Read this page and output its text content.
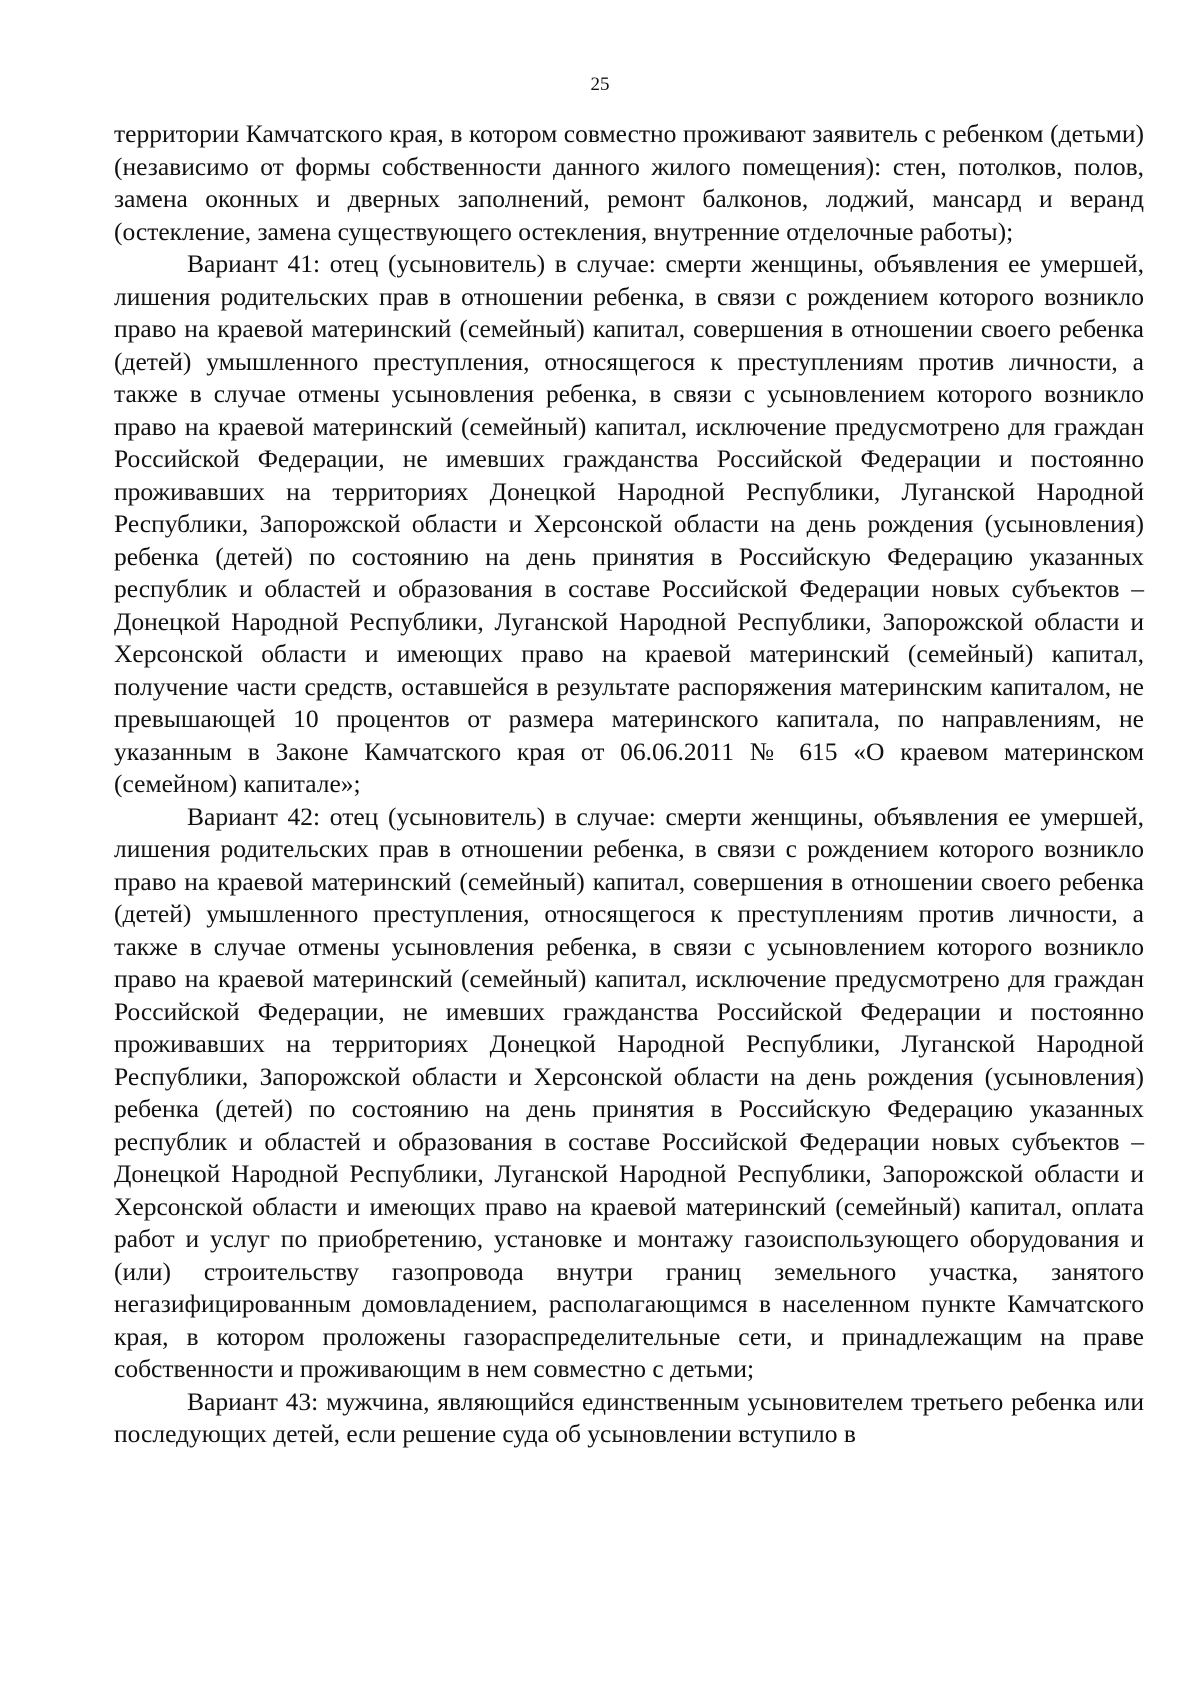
25

территории Камчатского края, в котором совместно проживают заявитель с ребенком (детьми) (независимо от формы собственности данного жилого помещения): стен, потолков, полов, замена оконных и дверных заполнений, ремонт балконов, лоджий, мансард и веранд (остекление, замена существующего остекления, внутренние отделочные работы);

Вариант 41: отец (усыновитель) в случае: смерти женщины, объявления ее умершей, лишения родительских прав в отношении ребенка, в связи с рождением которого возникло право на краевой материнский (семейный) капитал, совершения в отношении своего ребенка (детей) умышленного преступления, относящегося к преступлениям против личности, а также в случае отмены усыновления ребенка, в связи с усыновлением которого возникло право на краевой материнский (семейный) капитал, исключение предусмотрено для граждан Российской Федерации, не имевших гражданства Российской Федерации и постоянно проживавших на территориях Донецкой Народной Республики, Луганской Народной Республики, Запорожской области и Херсонской области на день рождения (усыновления) ребенка (детей) по состоянию на день принятия в Российскую Федерацию указанных республик и областей и образования в составе Российской Федерации новых субъектов – Донецкой Народной Республики, Луганской Народной Республики, Запорожской области и Херсонской области и имеющих право на краевой материнский (семейный) капитал, получение части средств, оставшейся в результате распоряжения материнским капиталом, не превышающей 10 процентов от размера материнского капитала, по направлениям, не указанным в Законе Камчатского края от 06.06.2011 № 615 «О краевом материнском (семейном) капитале»;

Вариант 42: отец (усыновитель) в случае: смерти женщины, объявления ее умершей, лишения родительских прав в отношении ребенка, в связи с рождением которого возникло право на краевой материнский (семейный) капитал, совершения в отношении своего ребенка (детей) умышленного преступления, относящегося к преступлениям против личности, а также в случае отмены усыновления ребенка, в связи с усыновлением которого возникло право на краевой материнский (семейный) капитал, исключение предусмотрено для граждан Российской Федерации, не имевших гражданства Российской Федерации и постоянно проживавших на территориях Донецкой Народной Республики, Луганской Народной Республики, Запорожской области и Херсонской области на день рождения (усыновления) ребенка (детей) по состоянию на день принятия в Российскую Федерацию указанных республик и областей и образования в составе Российской Федерации новых субъектов – Донецкой Народной Республики, Луганской Народной Республики, Запорожской области и Херсонской области и имеющих право на краевой материнский (семейный) капитал, оплата работ и услуг по приобретению, установке и монтажу газоиспользующего оборудования и (или) строительству газопровода внутри границ земельного участка, занятого негазифицированным домовладением, располагающимся в населенном пункте Камчатского края, в котором проложены газораспределительные сети, и принадлежащим на праве собственности и проживающим в нем совместно с детьми;

Вариант 43: мужчина, являющийся единственным усыновителем третьего ребенка или последующих детей, если решение суда об усыновлении вступило в
